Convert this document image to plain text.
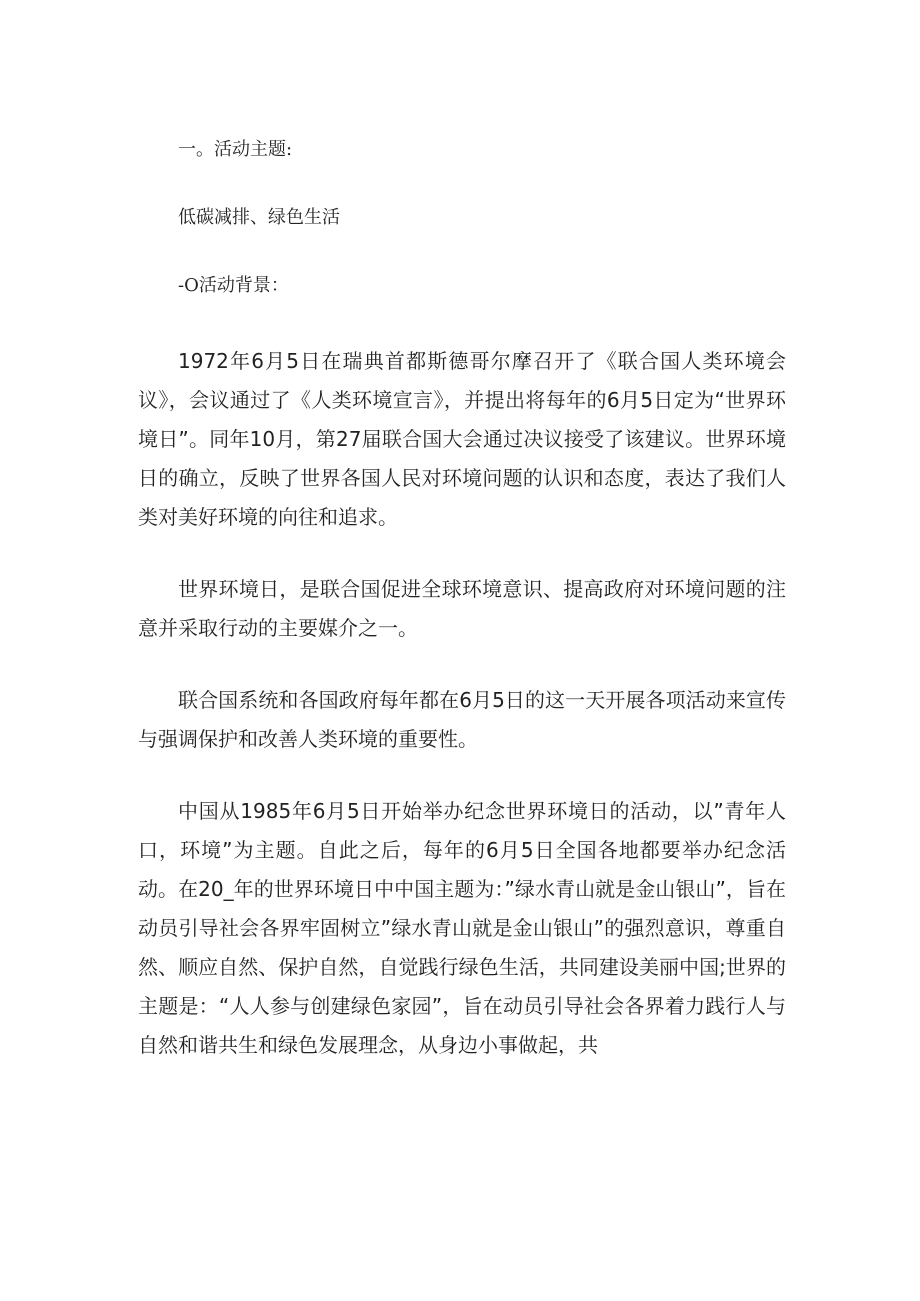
一。活动主题:
低碳减排、绿色生活
-O活动背景：

1972年6月5日在瑞典首都斯德哥尔摩召开了《联合国人类环境会议》，会议通过了《人类环境宣言》，并提出将每年的6月5日定为“世界环境日”。同年10月，第27届联合国大会通过决议接受了该建议。世界环境日的确立，反映了世界各国人民对环境问题的认识和态度，表达了我们人类对美好环境的向往和追求。

世界环境日，是联合国促进全球环境意识、提高政府对环境问题的注意并采取行动的主要媒介之一。

联合国系统和各国政府每年都在6月5日的这一天开展各项活动来宣传与强调保护和改善人类环境的重要性。

中国从1985年6月5日开始举办纪念世界环境日的活动，以”青年人口，环境”为主题。自此之后，每年的6月5日全国各地都要举办纪念活动。在20_年的世界环境日中中国主题为：”绿水青山就是金山银山”，旨在动员引导社会各界牢固树立”绿水青山就是金山银山”的强烈意识，尊重自然、顺应自然、保护自然，自觉践行绿色生活，共同建设美丽中国;世界的主题是：“人人参与创建绿色家园”，旨在动员引导社会各界着力践行人与自然和谐共生和绿色发展理念，从身边小事做起，共
